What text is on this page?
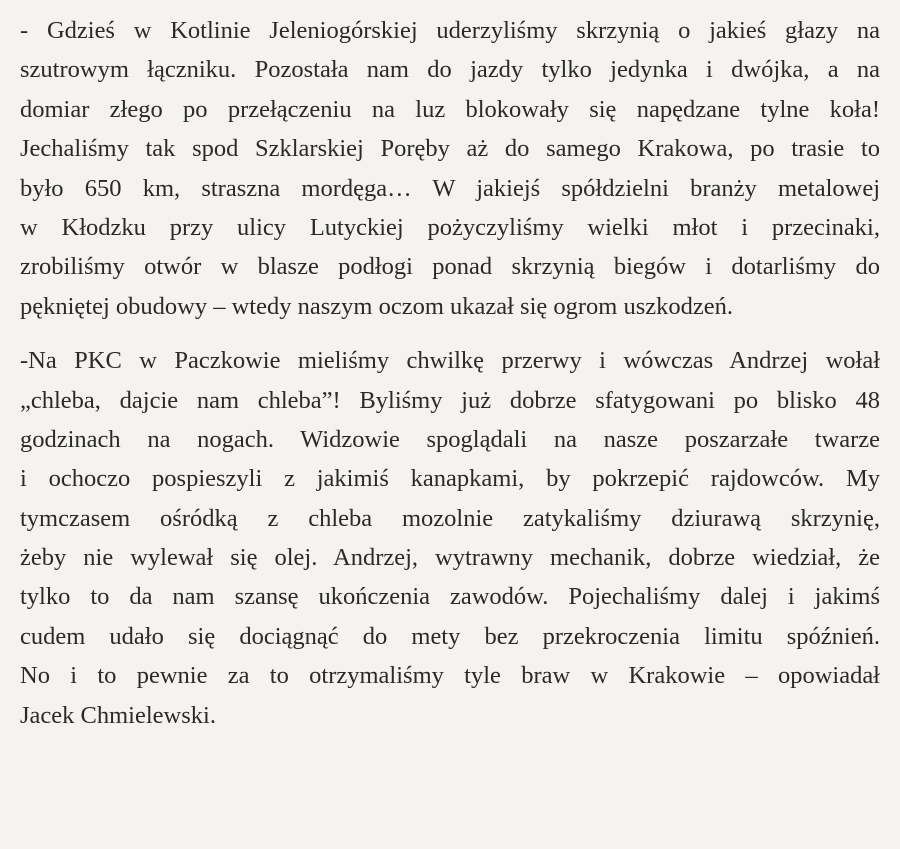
- Gdzieś w Kotlinie Jeleniogórskiej uderzyliśmy skrzynią o jakieś głazy na
szutrowym łączniku. Pozostała nam do jazdy tylko jedynka i dwójka, a na
domiar złego po przełączeniu na luz blokowały się napędzane tylne koła!
Jechaliśmy tak spod Szklarskiej Poręby aż do samego Krakowa, po trasie to
było 650 km, straszna mordęga… W jakiejś spółdzielni branży metalowej
w Kłodzku przy ulicy Lutyckiej pożyczyliśmy wielki młot i przecinaki,
zrobiliśmy otwór w blasze podłogi ponad skrzynią biegów i dotarliśmy do
pękniętej obudowy – wtedy naszym oczom ukazał się ogrom uszkodzeń.

-Na PKC w Paczkowie mieliśmy chwilkę przerwy i wówczas Andrzej wołał
„chleba, dajcie nam chleba”! Byliśmy już dobrze sfatygowani po blisko 48
godzinach na nogach. Widzowie spoglądali na nasze poszarzałe twarze
i ochoczo pospieszyli z jakimiś kanapkami, by pokrzepić rajdowców. My
tymczasem ośródką z chleba mozolnie zatykaliśmy dziurawą skrzynię,
żeby nie wylewał się olej. Andrzej, wytrawny mechanik, dobrze wiedział, że
tylko to da nam szansę ukończenia zawodów. Pojechaliśmy dalej i jakimś
cudem udało się dociągnąć do mety bez przekroczenia limitu spóźnień.
No i to pewnie za to otrzymaliśmy tyle braw w Krakowie – opowiadał
Jacek Chmielewski.
